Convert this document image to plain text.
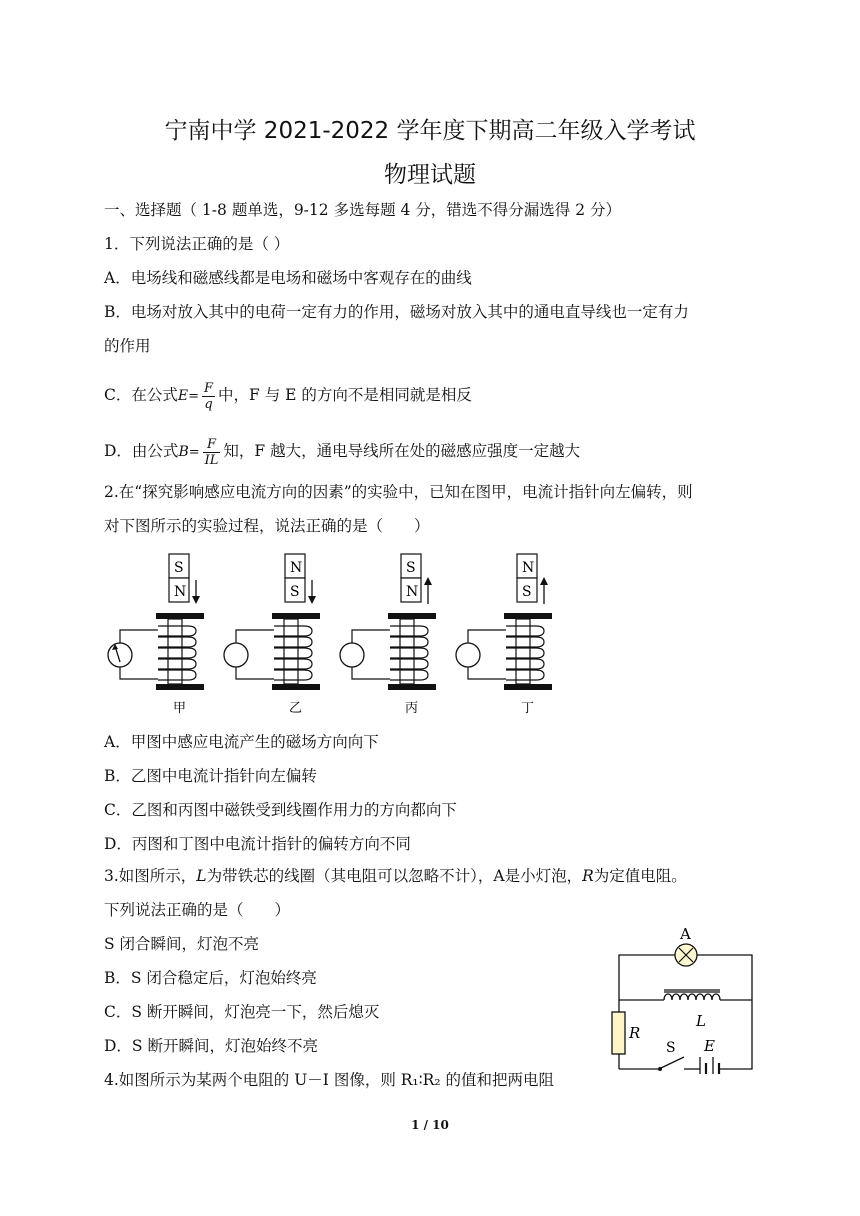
宁南中学 2021-2022 学年度下期高二年级入学考试
物理试题
一、选择题（ 1-8 题单选，9-12 多选每题 4 分，错选不得分漏选得 2 分）
1．下列说法正确的是（ ）
A．电场线和磁感线都是电场和磁场中客观存在的曲线
B．电场对放入其中的电荷一定有力的作用，磁场对放入其中的通电直导线也一定有力
的作用
C．在公式$E= \frac{F}{q}$ 中，F 与 E 的方向不是相同就是相反
D．由公式$B= \frac{F}{IL}$ 知，F 越大，通电导线所在处的磁感应强度一定越大
2.在“探究影响感应电流方向的因素”的实验中，已知在图甲，电流计指针向左偏转，则
对下图所示的实验过程，说法正确的是（　　）
S
N
甲
N
S
乙
S
N
丙
N
S
丁
A．甲图中感应电流产生的磁场方向向下
B．乙图中电流计指针向左偏转
C．乙图和丙图中磁铁受到线圈作用力的方向都向下
D．丙图和丁图中电流计指针的偏转方向不同
3.如图所示，L为带铁芯的线圈（其电阻可以忽略不计），A是小灯泡，R为定值电阻。
下列说法正确的是（　　）
S 闭合瞬间，灯泡不亮
B．S 闭合稳定后，灯泡始终亮
C．S 断开瞬间，灯泡亮一下，然后熄灭
D．S 断开瞬间，灯泡始终不亮
A
L
R
S E
4.如图所示为某两个电阻的 U－I 图像，则 R₁∶R₂ 的值和把两电阻
1 / 10
